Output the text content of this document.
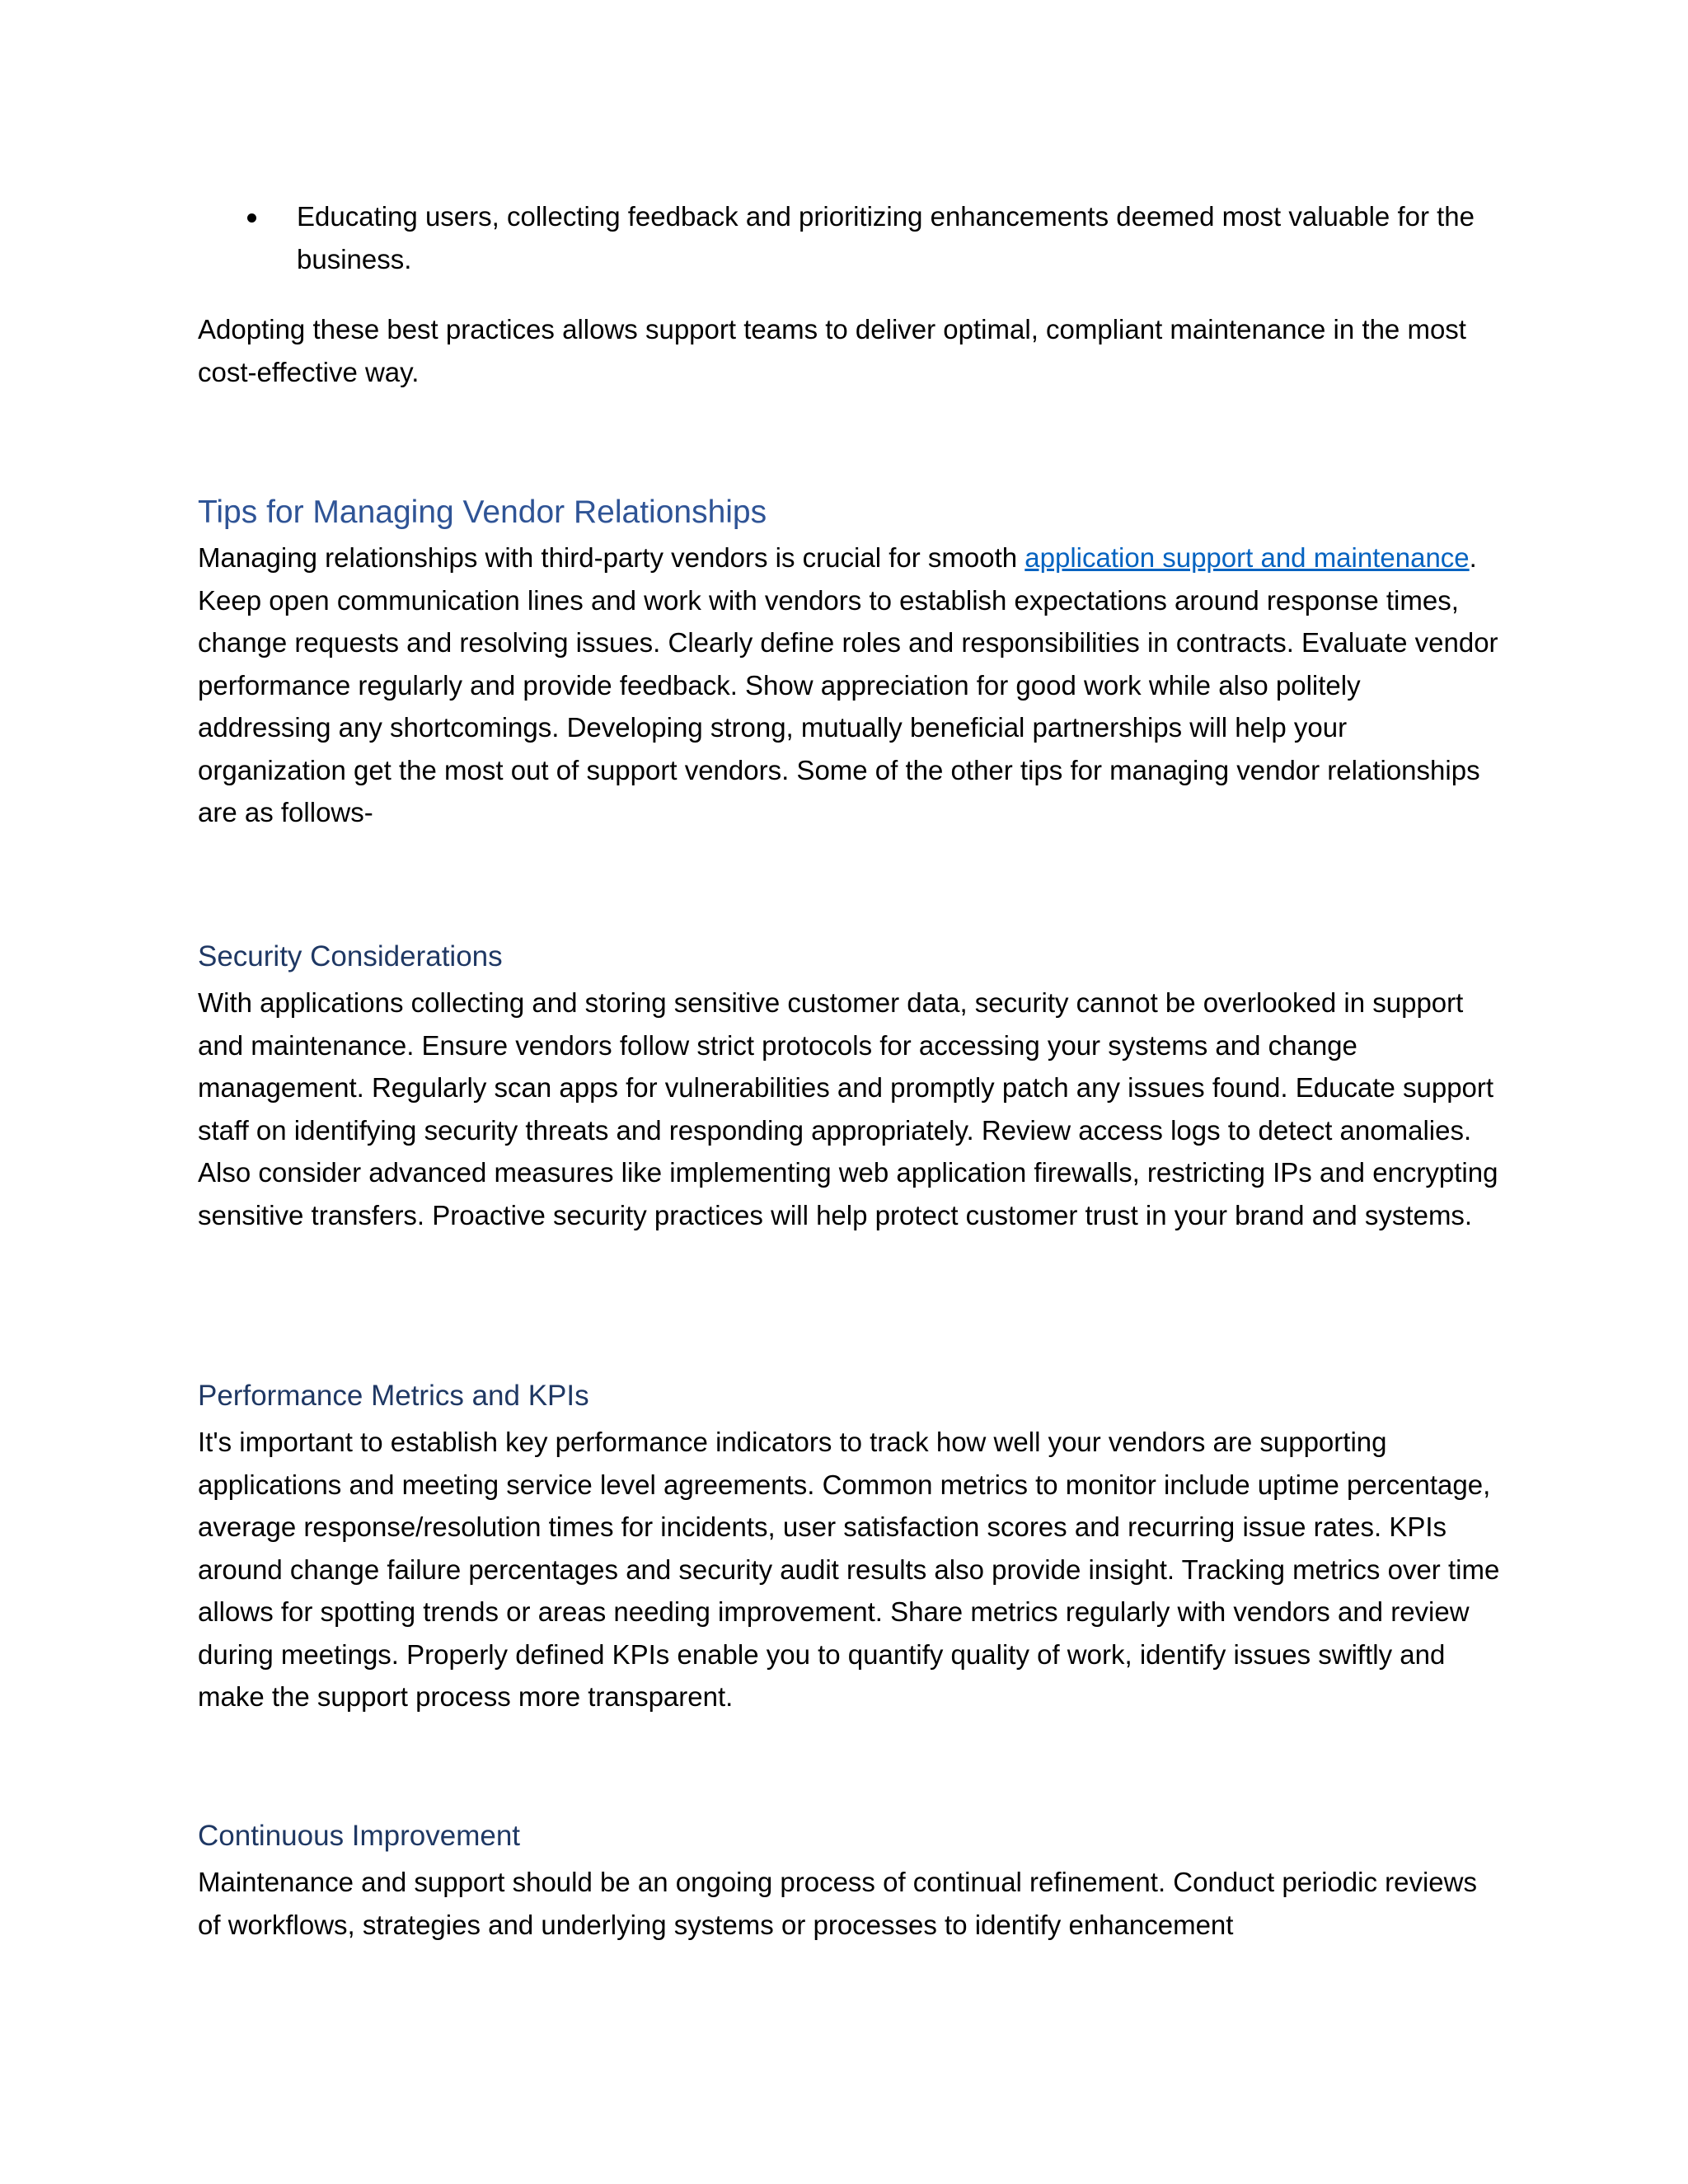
Educating users, collecting feedback and prioritizing enhancements deemed most valuable for the business.

Adopting these best practices allows support teams to deliver optimal, compliant maintenance in the most cost-effective way.

Tips for Managing Vendor Relationships

Managing relationships with third-party vendors is crucial for smooth application support and maintenance. Keep open communication lines and work with vendors to establish expectations around response times, change requests and resolving issues. Clearly define roles and responsibilities in contracts. Evaluate vendor performance regularly and provide feedback. Show appreciation for good work while also politely addressing any shortcomings. Developing strong, mutually beneficial partnerships will help your organization get the most out of support vendors. Some of the other tips for managing vendor relationships are as follows-

Security Considerations

With applications collecting and storing sensitive customer data, security cannot be overlooked in support and maintenance. Ensure vendors follow strict protocols for accessing your systems and change management. Regularly scan apps for vulnerabilities and promptly patch any issues found. Educate support staff on identifying security threats and responding appropriately. Review access logs to detect anomalies. Also consider advanced measures like implementing web application firewalls, restricting IPs and encrypting sensitive transfers. Proactive security practices will help protect customer trust in your brand and systems.

Performance Metrics and KPIs

It's important to establish key performance indicators to track how well your vendors are supporting applications and meeting service level agreements. Common metrics to monitor include uptime percentage, average response/resolution times for incidents, user satisfaction scores and recurring issue rates. KPIs around change failure percentages and security audit results also provide insight. Tracking metrics over time allows for spotting trends or areas needing improvement. Share metrics regularly with vendors and review during meetings. Properly defined KPIs enable you to quantify quality of work, identify issues swiftly and make the support process more transparent.

Continuous Improvement

Maintenance and support should be an ongoing process of continual refinement. Conduct periodic reviews of workflows, strategies and underlying systems or processes to identify enhancement
